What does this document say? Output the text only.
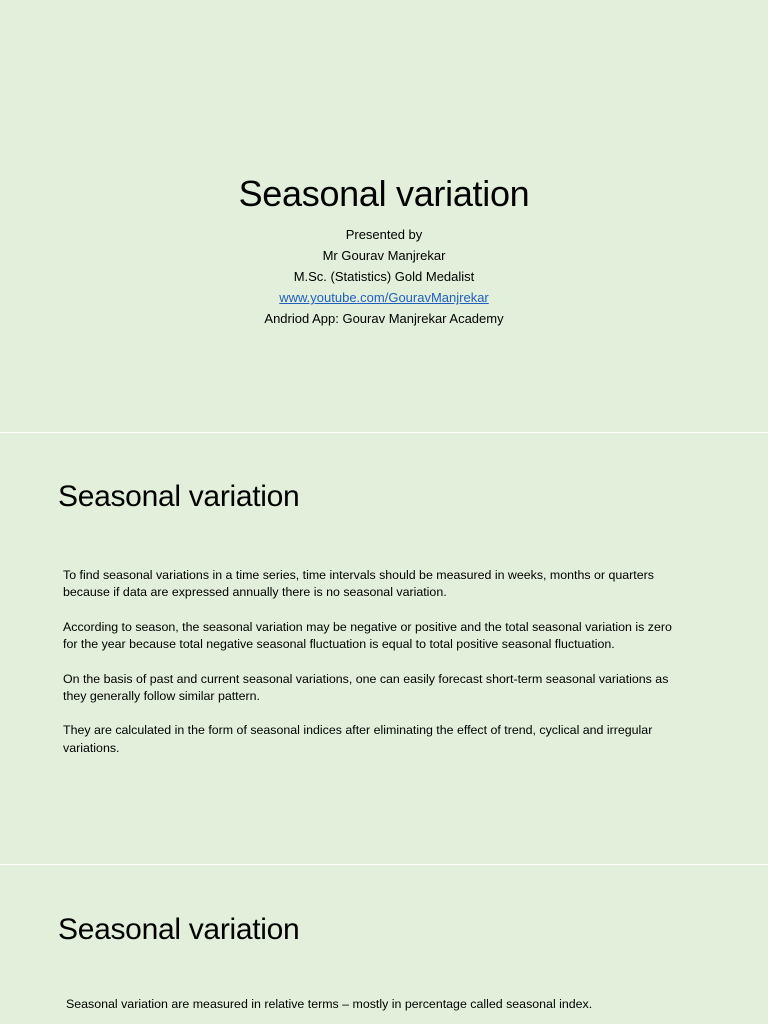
Seasonal variation
Presented by
Mr Gourav Manjrekar
M.Sc. (Statistics) Gold Medalist
www.youtube.com/GouravManjrekar
Andriod App: Gourav Manjrekar Academy
Seasonal variation

To find seasonal variations in a time series, time intervals should be measured in weeks, months or quarters because if data are expressed annually there is no seasonal variation.

According to season, the seasonal variation may be negative or positive and the total seasonal variation is zero for the year because total negative seasonal fluctuation is equal to total positive seasonal fluctuation.

On the basis of past and current seasonal variations, one can easily forecast short-term seasonal variations as they generally follow similar pattern.

They are calculated in the form of seasonal indices after eliminating the effect of trend, cyclical and irregular variations.

Seasonal variation
Seasonal variation are measured in relative terms – mostly in percentage called seasonal index.
